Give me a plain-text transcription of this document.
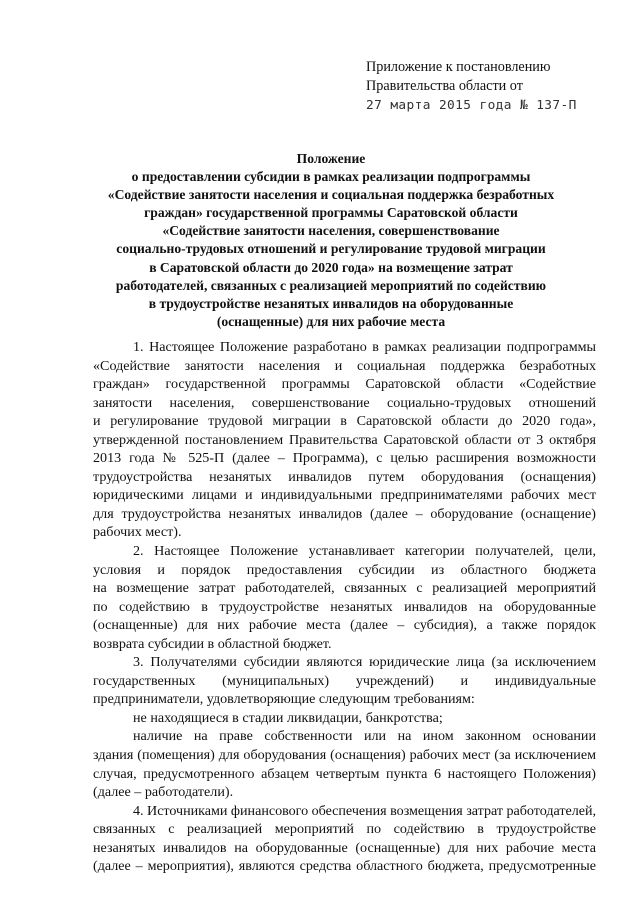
Приложение к постановлению
Правительства области от
27 марта 2015 года № 137-П
Положение
о предоставлении субсидии в рамках реализации подпрограммы
«Содействие занятости населения и социальная поддержка безработных
граждан» государственной программы Саратовской области
«Содействие занятости населения, совершенствование
социально-трудовых отношений и регулирование трудовой миграции
в Саратовской области до 2020 года» на возмещение затрат
работодателей, связанных с реализацией мероприятий по содействию
в трудоустройстве незанятых инвалидов на оборудованные
(оснащенные) для них рабочие места
1. Настоящее Положение разработано в рамках реализации подпрограммы
«Содействие занятости населения и социальная поддержка безработных
граждан» государственной программы Саратовской области «Содействие
занятости населения, совершенствование социально-трудовых отношений
и регулирование трудовой миграции в Саратовской области до 2020 года»,
утвержденной постановлением Правительства Саратовской области от 3 октября
2013 года № 525-П (далее – Программа), с целью расширения возможности
трудоустройства незанятых инвалидов путем оборудования (оснащения)
юридическими лицами и индивидуальными предпринимателями рабочих мест
для трудоустройства незанятых инвалидов (далее – оборудование (оснащение)
рабочих мест).
2. Настоящее Положение устанавливает категории получателей, цели,
условия и порядок предоставления субсидии из областного бюджета
на возмещение затрат работодателей, связанных с реализацией мероприятий
по содействию в трудоустройстве незанятых инвалидов на оборудованные
(оснащенные) для них рабочие места (далее – субсидия), а также порядок
возврата субсидии в областной бюджет.
3. Получателями субсидии являются юридические лица (за исключением
государственных (муниципальных) учреждений) и индивидуальные
предприниматели, удовлетворяющие следующим требованиям:
не находящиеся в стадии ликвидации, банкротства;
наличие на праве собственности или на ином законном основании
здания (помещения) для оборудования (оснащения) рабочих мест (за исключением
случая, предусмотренного абзацем четвертым пункта 6 настоящего Положения)
(далее – работодатели).
4. Источниками финансового обеспечения возмещения затрат работодателей,
связанных с реализацией мероприятий по содействию в трудоустройстве
незанятых инвалидов на оборудованные (оснащенные) для них рабочие места
(далее – мероприятия), являются средства областного бюджета, предусмотренные
